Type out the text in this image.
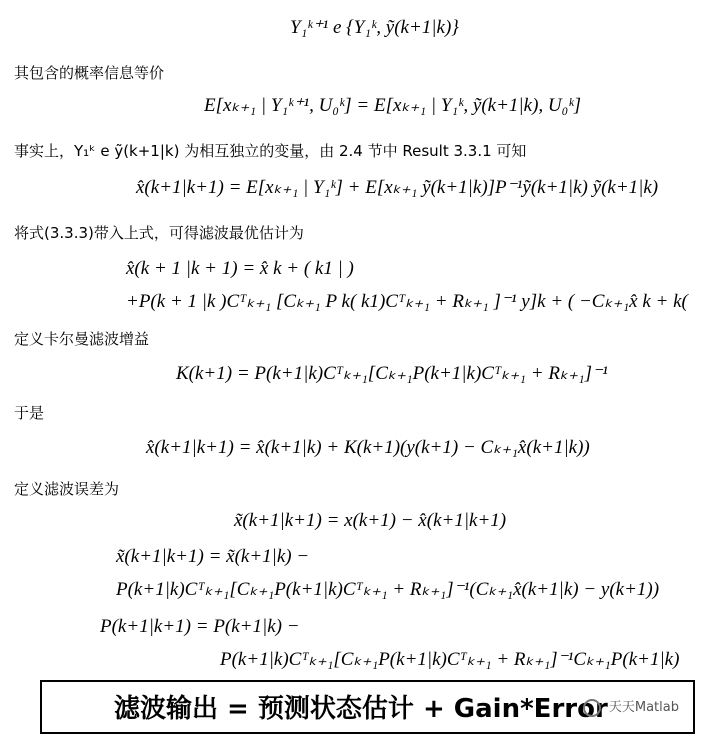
Y₁ᵏ⁺¹ e {Y₁ᵏ, ỹ(k+1|k)}
其包含的概率信息等价
E[xₖ₊₁ | Y₁ᵏ⁺¹, U₀ᵏ] = E[xₖ₊₁ | Y₁ᵏ, ỹ(k+1|k), U₀ᵏ]
事实上，Y₁ᵏ e ỹ(k+1|k) 为相互独立的变量，由 2.4 节中 Result 3.3.1 可知
x̂(k+1|k+1) = E[xₖ₊₁ | Y₁ᵏ] + E[xₖ₊₁ ỹ(k+1|k)]P⁻¹ỹ(k+1|k) ỹ(k+1|k)
将式(3.3.3)带入上式，可得滤波最优估计为
x̂(k + 1 |k + 1) = x̂ k + ( k1 | )
+P(k + 1 |k )Cᵀₖ₊₁ [Cₖ₊₁ P k( k1)Cᵀₖ₊₁ + Rₖ₊₁ ]⁻¹ y]k + ( −Cₖ₊₁x̂ k + k(
定义卡尔曼滤波增益
K(k+1) = P(k+1|k)Cᵀₖ₊₁[Cₖ₊₁P(k+1|k)Cᵀₖ₊₁ + Rₖ₊₁]⁻¹
于是
x̂(k+1|k+1) = x̂(k+1|k) + K(k+1)(y(k+1) − Cₖ₊₁x̂(k+1|k))
定义滤波误差为
x̃(k+1|k+1) = x(k+1) − x̂(k+1|k+1)
x̃(k+1|k+1) = x̃(k+1|k) −
P(k+1|k)Cᵀₖ₊₁[Cₖ₊₁P(k+1|k)Cᵀₖ₊₁ + Rₖ₊₁]⁻¹(Cₖ₊₁x̂(k+1|k) − y(k+1))
P(k+1|k+1) = P(k+1|k) −
P(k+1|k)Cᵀₖ₊₁[Cₖ₊₁P(k+1|k)Cᵀₖ₊₁ + Rₖ₊₁]⁻¹Cₖ₊₁P(k+1|k)
滤波输出 = 预测状态估计 + Gain*Error 天天Matlab
